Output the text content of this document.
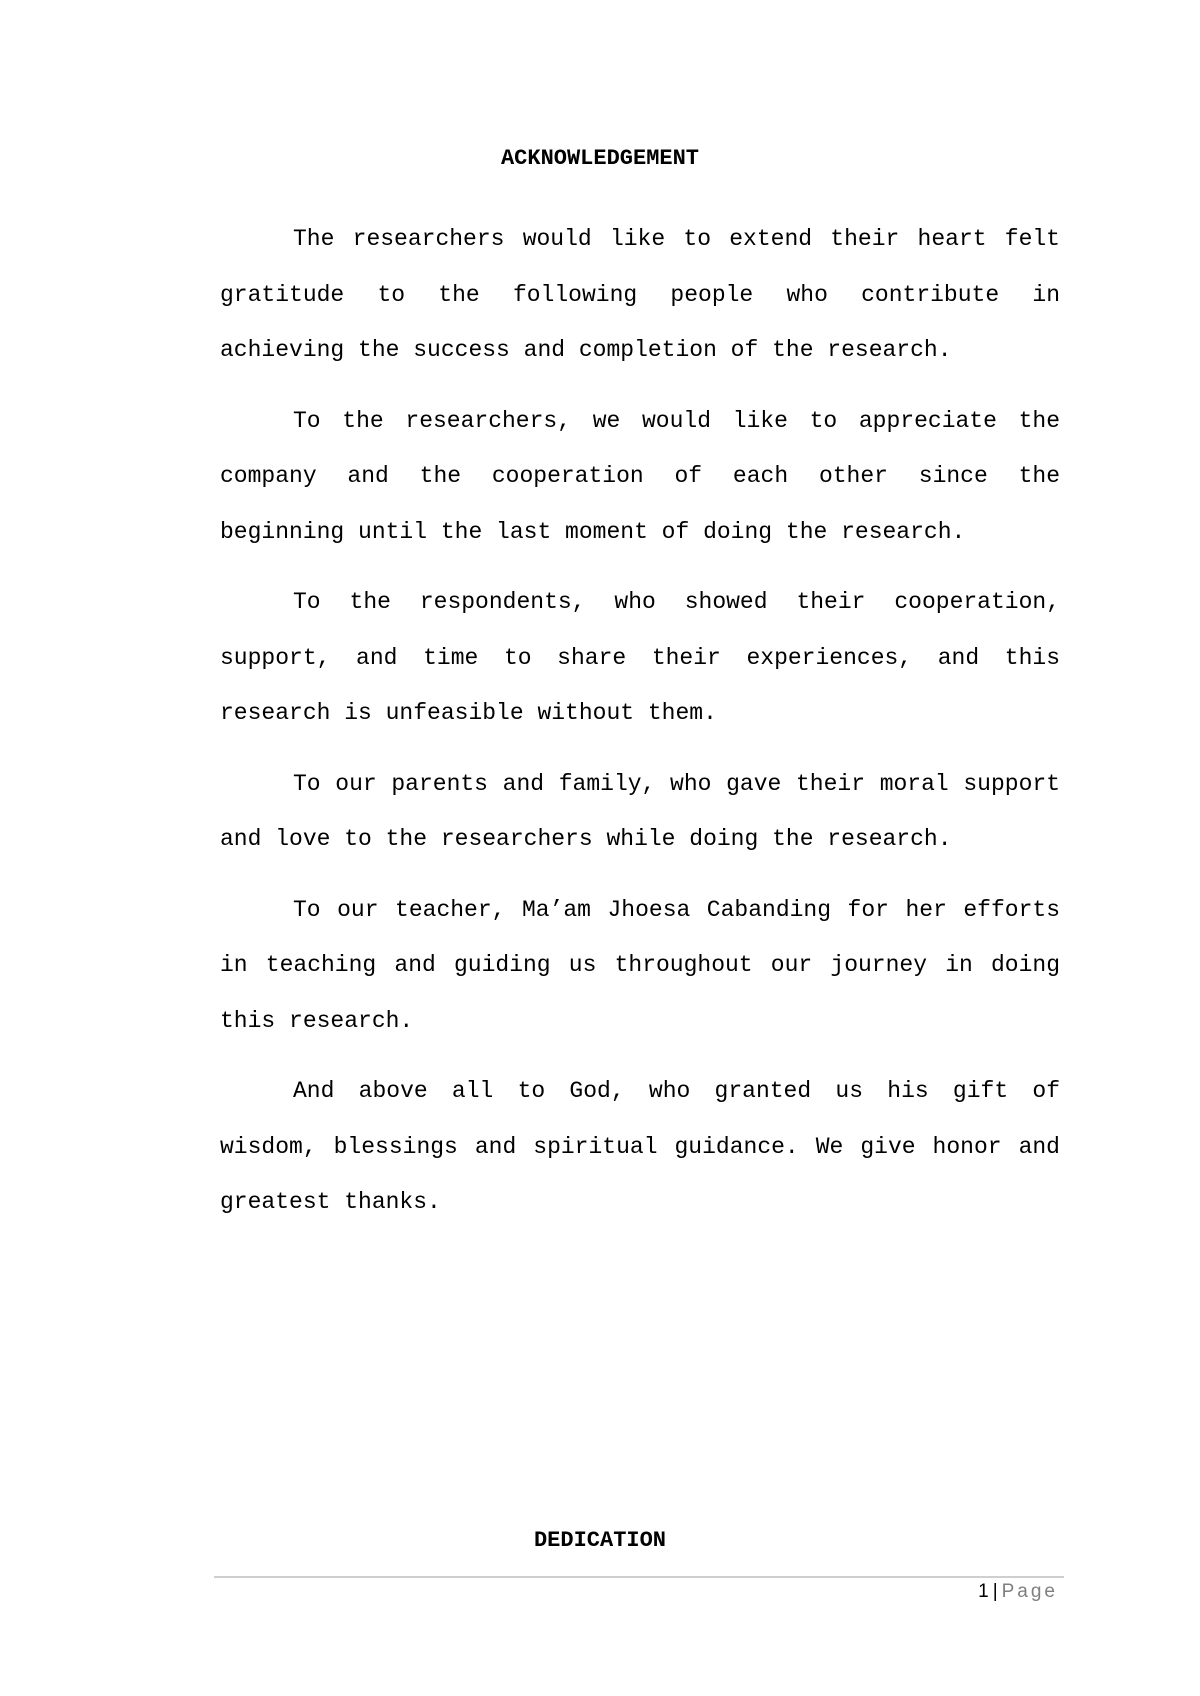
ACKNOWLEDGEMENT

The researchers would like to extend their heart felt gratitude to the following people who contribute in achieving the success and completion of the research.

To the researchers, we would like to appreciate the company and the cooperation of each other since the beginning until the last moment of doing the research.

To the respondents, who showed their cooperation, support, and time to share their experiences, and this research is unfeasible without them.

To our parents and family, who gave their moral support and love to the researchers while doing the research.

To our teacher, Ma’am Jhoesa Cabanding for her efforts in teaching and guiding us throughout our journey in doing this research.

And above all to God, who granted us his gift of wisdom, blessings and spiritual guidance. We give honor and greatest thanks.

DEDICATION
1 | Page
